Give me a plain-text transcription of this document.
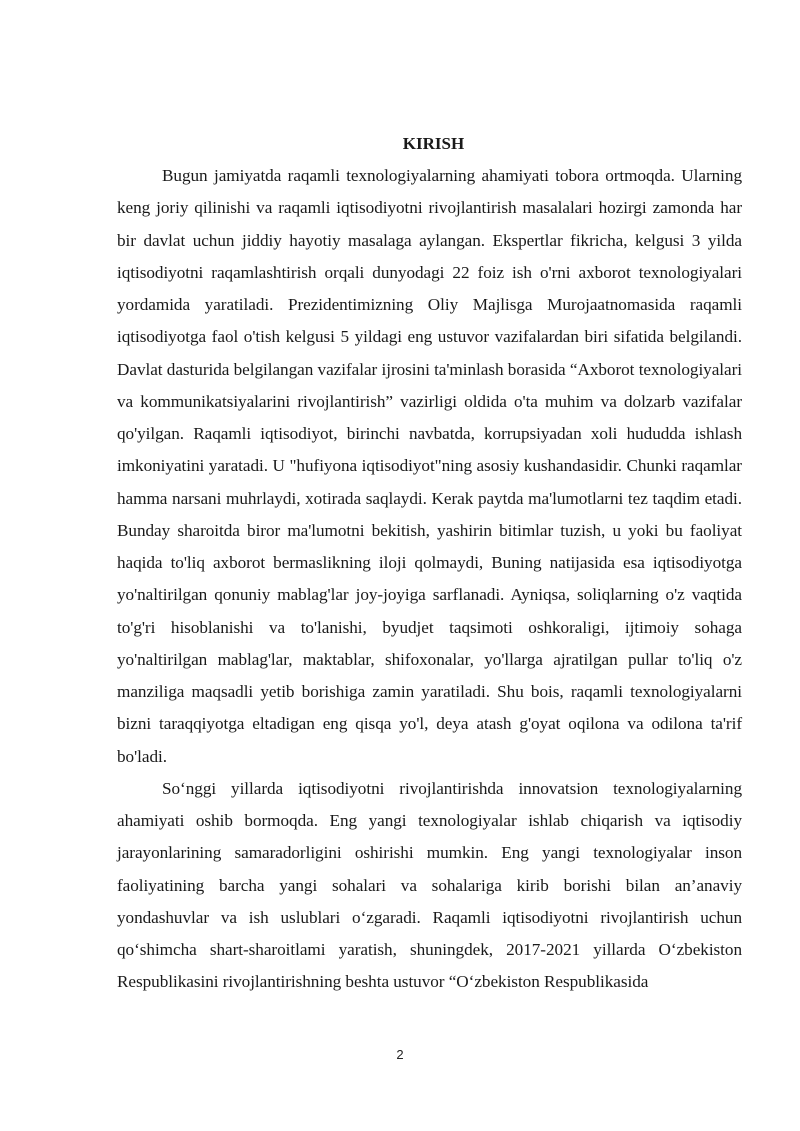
KIRISH

Bugun jamiyatda raqamli texnologiyalarning ahamiyati tobora ortmoqda. Ularning keng joriy qilinishi va raqamli iqtisodiyotni rivojlantirish masalalari hozirgi zamonda har bir davlat uchun jiddiy hayotiy masalaga aylangan. Ekspertlar fikricha, kelgusi 3 yilda iqtisodiyotni raqamlashtirish orqali dunyodagi 22 foiz ish o'rni axborot texnologiyalari yordamida yaratiladi. Prezidentimizning Oliy Majlisga Murojaatnomasida raqamli iqtisodiyotga faol o'tish kelgusi 5 yildagi eng ustuvor vazifalardan biri sifatida belgilandi. Davlat dasturida belgilangan vazifalar ijrosini ta'minlash borasida “Axborot texnologiyalari va kommunikatsiyalarini rivojlantirish” vazirligi oldida o'ta muhim va dolzarb vazifalar qo'yilgan. Raqamli iqtisodiyot, birinchi navbatda, korrupsiyadan xoli hududda ishlash imkoniyatini yaratadi. U "hufiyona iqtisodiyot"ning asosiy kushandasidir. Chunki raqamlar hamma narsani muhrlaydi, xotirada saqlaydi. Kerak paytda ma'lumotlarni tez taqdim etadi. Bunday sharoitda biror ma'lumotni bekitish, yashirin bitimlar tuzish, u yoki bu faoliyat haqida to'liq axborot bermaslikning iloji qolmaydi, Buning natijasida esa iqtisodiyotga yo'naltirilgan qonuniy mablag'lar joy-joyiga sarflanadi. Ayniqsa, soliqlarning o'z vaqtida to'g'ri hisoblanishi va to'lanishi, byudjet taqsimoti oshkoraligi, ijtimoiy sohaga yo'naltirilgan mablag'lar, maktablar, shifoxonalar, yo'llarga ajratilgan pullar to'liq o'z manziliga maqsadli yetib borishiga zamin yaratiladi. Shu bois, raqamli texnologiyalarni bizni taraqqiyotga eltadigan eng qisqa yo'l, deya atash g'oyat oqilona va odilona ta'rif bo'ladi.

So‘nggi yillarda iqtisodiyotni rivojlantirishda innovatsion texnologiyalarning ahamiyati oshib bormoqda. Eng yangi texnologiyalar ishlab chiqarish va iqtisodiy jarayonlarining samaradorligini oshirishi mumkin. Eng yangi texnologiyalar inson faoliyatining barcha yangi sohalari va sohalariga kirib borishi bilan an’anaviy yondashuvlar va ish uslublari o‘zgaradi. Raqamli iqtisodiyotni rivojlantirish uchun qo‘shimcha shart-sharoitlami yaratish, shuningdek, 2017-2021 yillarda O‘zbekiston Respublikasini rivojlantirishning beshta ustuvor “O‘zbekiston Respublikasida

2
